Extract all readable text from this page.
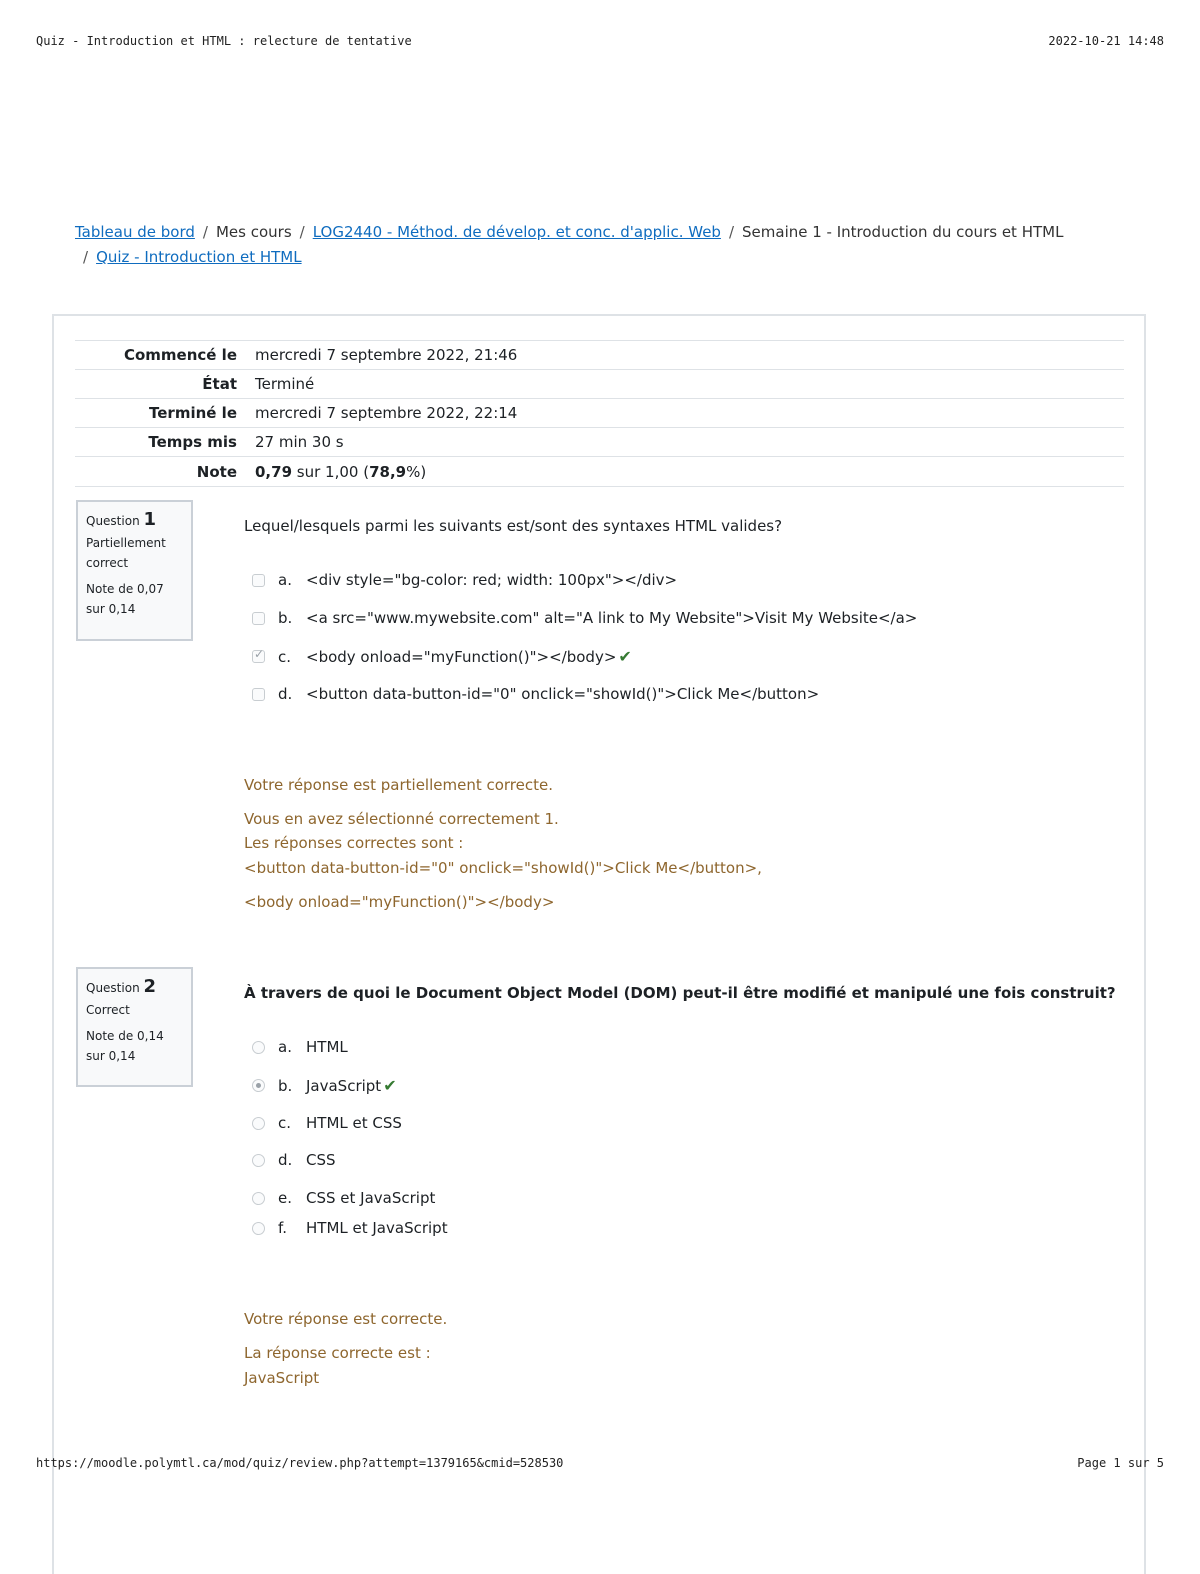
Quiz - Introduction et HTML : relecture de tentative	2022-10-21 14:48
Tableau de bord / Mes cours / LOG2440 - Méthod. de dévelop. et conc. d'applic. Web / Semaine 1 - Introduction du cours et HTML
/ Quiz - Introduction et HTML
Commencé le	mercredi 7 septembre 2022, 21:46
État	Terminé
Terminé le	mercredi 7 septembre 2022, 22:14
Temps mis	27 min 30 s
Note	0,79 sur 1,00 (78,9%)
Question 1
Partiellement correct
Note de 0,07 sur 0,14
Lequel/lesquels parmi les suivants est/sont des syntaxes HTML valides?
a. <div style="bg-color: red; width: 100px"></div>
b. <a src="www.mywebsite.com" alt="A link to My Website">Visit My Website</a>
✓
c. <body onload="myFunction()"></body> ✔
d. <button data-button-id="0" onclick="showId()">Click Me</button>
Votre réponse est partiellement correcte.
Vous en avez sélectionné correctement 1.
Les réponses correctes sont :
<button data-button-id="0" onclick="showId()">Click Me</button>,
<body onload="myFunction()"></body>
Question 2
Correct
Note de 0,14 sur 0,14
À travers de quoi le Document Object Model (DOM) peut-il être modifié et manipulé une fois construit?
a. HTML
b. JavaScript ✔
c. HTML et CSS
d. CSS
e. CSS et JavaScript
f.	HTML et JavaScript
Votre réponse est correcte.
La réponse correcte est :
JavaScript
https://moodle.polymtl.ca/mod/quiz/review.php?attempt=1379165&cmid=528530	Page 1 sur 5
